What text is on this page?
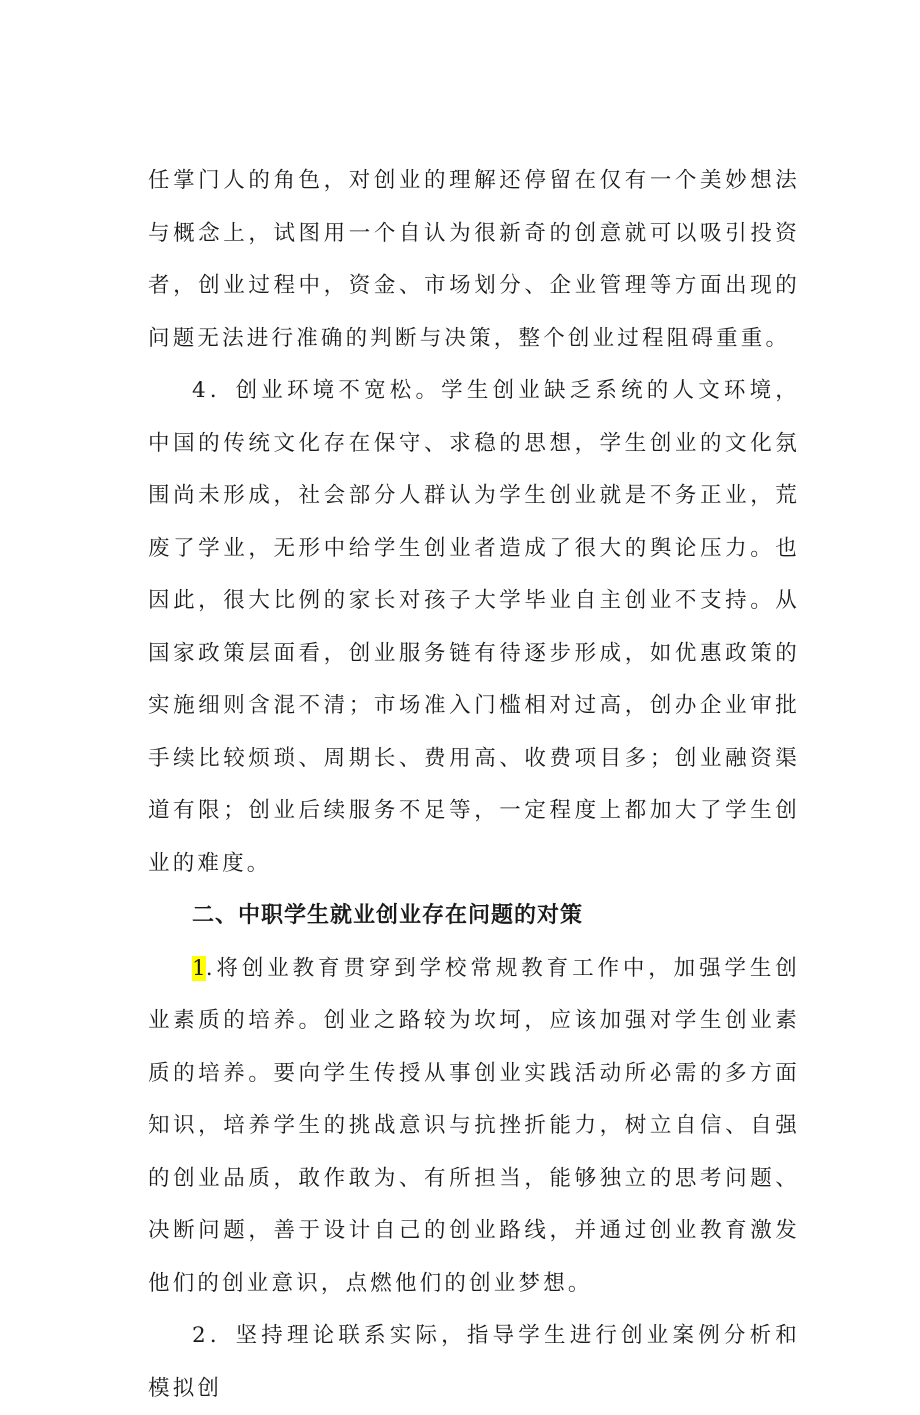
任掌门人的角色，对创业的理解还停留在仅有一个美妙想法与概念上，试图用一个自认为很新奇的创意就可以吸引投资者，创业过程中，资金、市场划分、企业管理等方面出现的问题无法进行准确的判断与决策，整个创业过程阻碍重重。

4．创业环境不宽松。学生创业缺乏系统的人文环境，中国的传统文化存在保守、求稳的思想，学生创业的文化氛围尚未形成，社会部分人群认为学生创业就是不务正业，荒废了学业，无形中给学生创业者造成了很大的舆论压力。也因此，很大比例的家长对孩子大学毕业自主创业不支持。从国家政策层面看，创业服务链有待逐步形成，如优惠政策的实施细则含混不清；市场准入门槛相对过高，创办企业审批手续比较烦琐、周期长、费用高、收费项目多；创业融资渠道有限；创业后续服务不足等，一定程度上都加大了学生创业的难度。

二、中职学生就业创业存在问题的对策

1.将创业教育贯穿到学校常规教育工作中，加强学生创业素质的培养。创业之路较为坎坷，应该加强对学生创业素质的培养。要向学生传授从事创业实践活动所必需的多方面知识，培养学生的挑战意识与抗挫折能力，树立自信、自强的创业品质，敢作敢为、有所担当，能够独立的思考问题、决断问题，善于设计自己的创业路线，并通过创业教育激发他们的创业意识，点燃他们的创业梦想。

2．坚持理论联系实际，指导学生进行创业案例分析和模拟创
